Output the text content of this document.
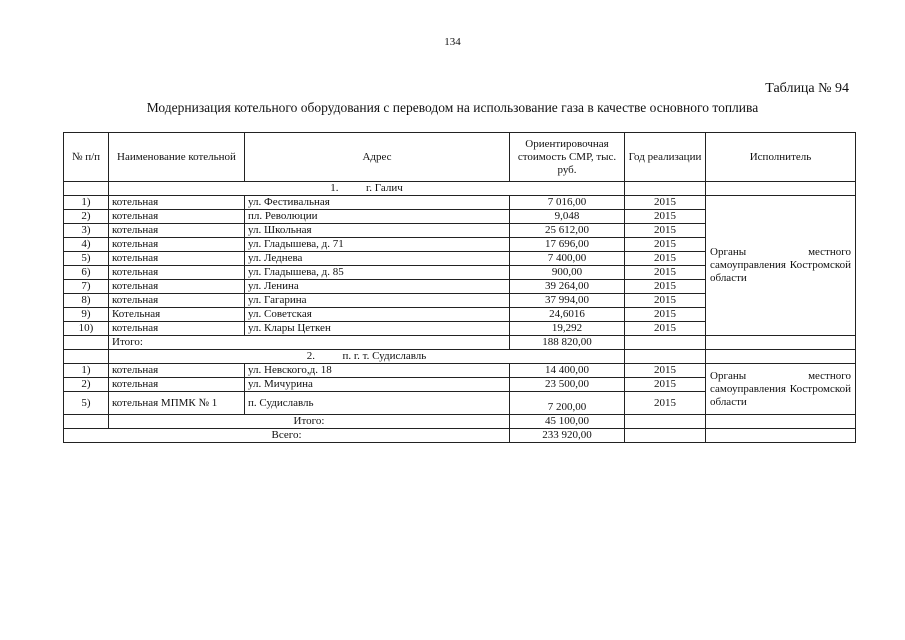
134
Таблица № 94
Модернизация котельного оборудования с переводом на использование газа в качестве основного топлива
№ п/п	Наименование котельной	Адрес	Ориентировочная стоимость СМР, тыс. руб.	Год реализации	Исполнитель
	1. г. Галич				
1)	котельная	ул. Фестивальная	7 016,00	2015	Органы местного
самоуправления Костромской области

2)	котельная	пл. Революции	9,048	2015	
3)	котельная	ул. Школьная	25 612,00	2015	
4)	котельная	ул. Гладышева, д. 71	17 696,00	2015	
5)	котельная	ул. Леднева	7 400,00	2015	
6)	котельная	ул. Гладышева, д. 85	900,00	2015	
7)	котельная	ул. Ленина	39 264,00	2015	
8)	котельная	ул. Гагарина	37 994,00	2015	
9)	Котельная	ул. Советская	24,6016	2015	
10)	котельная	ул. Клары Цеткен	19,292	2015	
	Итого:		188 820,00		
	2. п. г. т. Судиславль				
1)	котельная	ул. Невского,д. 18	14 400,00	2015	Органы местного
самоуправления Костромской области

2)	котельная	ул. Мичурина	23 500,00	2015	
5)	котельная МПМК № 1	п. Судиславль	7 200,00	2015	
	Итого:		45 100,00		
Всего:			233 920,00		
